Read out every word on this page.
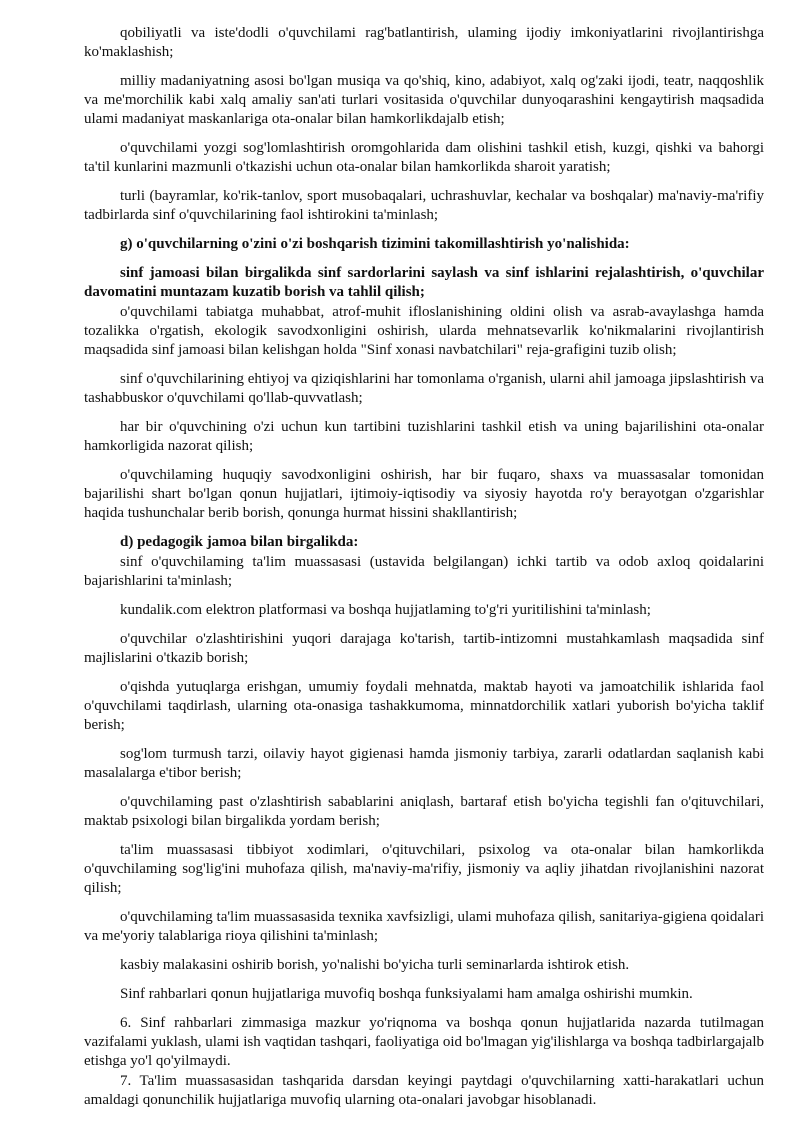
qobiliyatli va iste'dodli o'quvchilami rag'batlantirish, ulaming ijodiy imkoniyatlarini rivojlantirishga ko'maklashish;

milliy madaniyatning asosi bo'lgan musiqa va qo'shiq, kino, adabiyot, xalq og'zaki ijodi, teatr, naqqoshlik va me'morchilik kabi xalq amaliy san'ati turlari vositasida o'quvchilar dunyoqarashini kengaytirish maqsadida ulami madaniyat maskanlariga ota-onalar bilan hamkorlikdajalb etish;

o'quvchilami yozgi sog'lomlashtirish oromgohlarida dam olishini tashkil etish, kuzgi, qishki va bahorgi ta'til kunlarini mazmunli o'tkazishi uchun ota-onalar bilan hamkorlikda sharoit yaratish;

turli (bayramlar, ko'rik-tanlov, sport musobaqalari, uchrashuvlar, kechalar va boshqalar) ma'naviy-ma'rifiy tadbirlarda sinf o'quvchilarining faol ishtirokini ta'minlash;

g) o'quvchilarning o'zini o'zi boshqarish tizimini takomillashtirish yo'nalishida:

sinf jamoasi bilan birgalikda sinf sardorlarini saylash va sinf ishlarini rejalashtirish, o'quvchilar davomatini muntazam kuzatib borish va tahlil qilish;

o'quvchilami tabiatga muhabbat, atrof-muhit ifloslanishining oldini olish va asrab-avaylashga hamda tozalikka o'rgatish, ekologik savodxonligini oshirish, ularda mehnatsevarlik ko'nikmalarini rivojlantirish maqsadida sinf jamoasi bilan kelishgan holda "Sinf xonasi navbatchilari" reja-grafigini tuzib olish;

sinf o'quvchilarining ehtiyoj va qiziqishlarini har tomonlama o'rganish, ularni ahil jamoaga jipslashtirish va tashabbuskor o'quvchilami qo'llab-quvvatlash;

har bir o'quvchining o'zi uchun kun tartibini tuzishlarini tashkil etish va uning bajarilishini ota-onalar hamkorligida nazorat qilish;

o'quvchilaming huquqiy savodxonligini oshirish, har bir fuqaro, shaxs va muassasalar tomonidan bajarilishi shart bo'lgan qonun hujjatlari, ijtimoiy-iqtisodiy va siyosiy hayotda ro'y berayotgan o'zgarishlar haqida tushunchalar berib borish, qonunga hurmat hissini shakllantirish;

d) pedagogik jamoa bilan birgalikda:

sinf o'quvchilaming ta'lim muassasasi (ustavida belgilangan) ichki tartib va odob axloq qoidalarini bajarishlarini ta'minlash;

kundalik.com elektron platformasi va boshqa hujjatlaming to'g'ri yuritilishini ta'minlash;

o'quvchilar o'zlashtirishini yuqori darajaga ko'tarish, tartib-intizomni mustahkamlash maqsadida sinf majlislarini o'tkazib borish;

o'qishda yutuqlarga erishgan, umumiy foydali mehnatda, maktab hayoti va jamoatchilik ishlarida faol o'quvchilami taqdirlash, ularning ota-onasiga tashakkumoma, minnatdorchilik xatlari yuborish bo'yicha taklif berish;

sog'lom turmush tarzi, oilaviy hayot gigienasi hamda jismoniy tarbiya, zararli odatlardan saqlanish kabi masalalarga e'tibor berish;

o'quvchilaming past o'zlashtirish sabablarini aniqlash, bartaraf etish bo'yicha tegishli fan o'qituvchilari, maktab psixologi bilan birgalikda yordam berish;

ta'lim muassasasi tibbiyot xodimlari, o'qituvchilari, psixolog va ota-onalar bilan hamkorlikda o'quvchilaming sog'lig'ini muhofaza qilish, ma'naviy-ma'rifiy, jismoniy va aqliy jihatdan rivojlanishini nazorat qilish;

o'quvchilaming ta'lim muassasasida texnika xavfsizligi, ulami muhofaza qilish, sanitariya-gigiena qoidalari va me'yoriy talablariga rioya qilishini ta'minlash;

kasbiy malakasini oshirib borish, yo'nalishi bo'yicha turli seminarlarda ishtirok etish.

Sinf rahbarlari qonun hujjatlariga muvofiq boshqa funksiyalami ham amalga oshirishi mumkin.

6. Sinf rahbarlari zimmasiga mazkur yo'riqnoma va boshqa qonun hujjatlarida nazarda tutilmagan vazifalami yuklash, ulami ish vaqtidan tashqari, faoliyatiga oid bo'lmagan yig'ilishlarga va boshqa tadbirlargajalb etishga yo'l qo'yilmaydi.

7. Ta'lim muassasasidan tashqarida darsdan keyingi paytdagi o'quvchilarning xatti-harakatlari uchun amaldagi qonunchilik hujjatlariga muvofiq ularning ota-onalari javobgar hisoblanadi.
